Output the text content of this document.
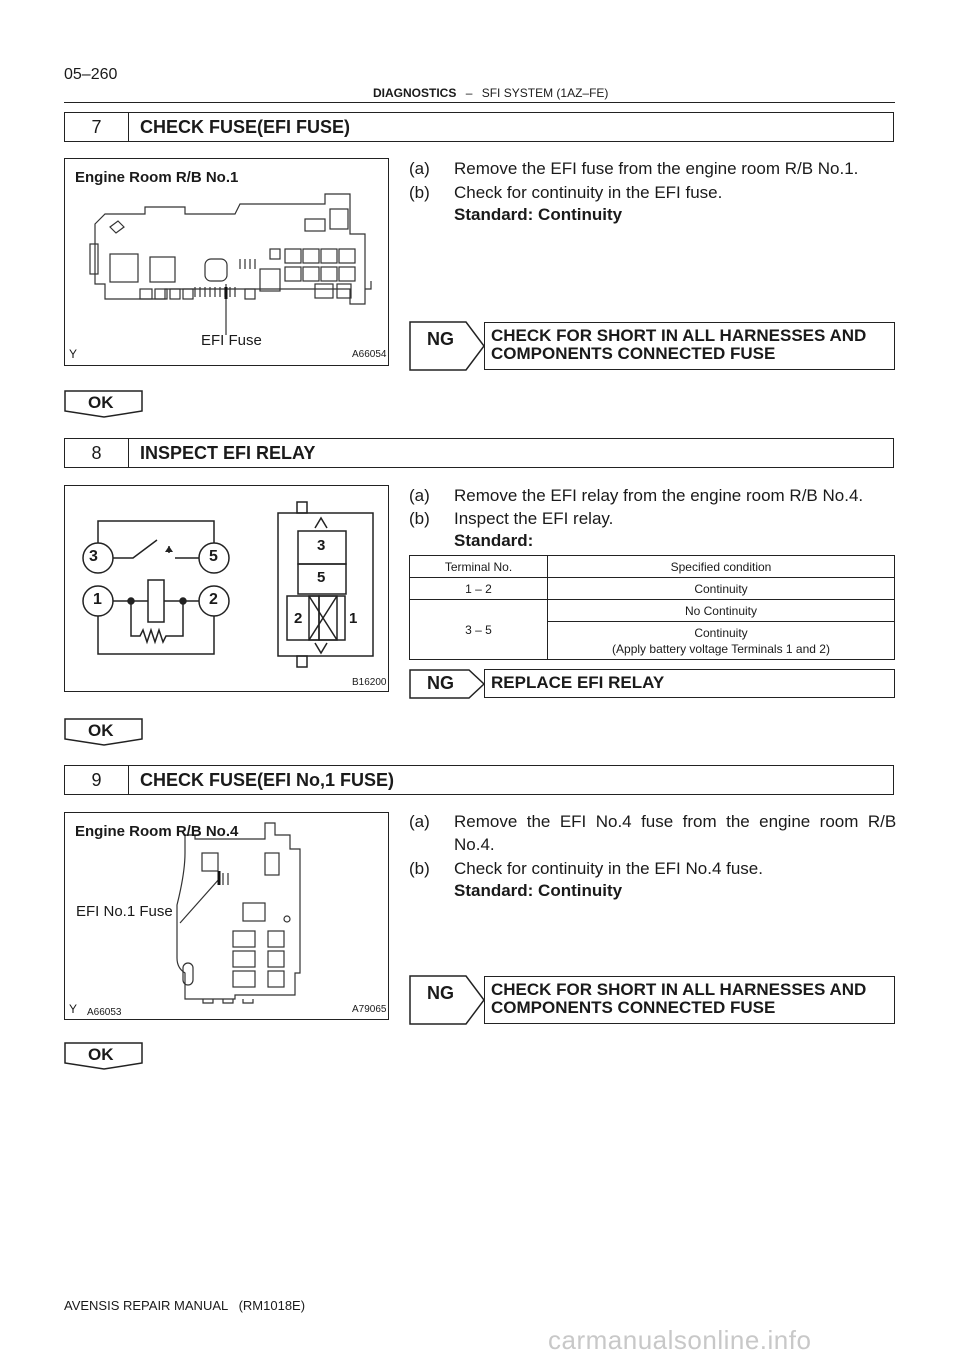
05–260
DIAGNOSTICS – SFI SYSTEM (1AZ–FE)
7	CHECK FUSE(EFI FUSE)
Engine Room R/B No.1
EFI Fuse
Y	A66054
(a) Remove the EFI fuse from the engine room R/B No.1.
(b) Check for continuity in the EFI fuse.
Standard: Continuity
NG CHECK FOR SHORT IN ALL HARNESSES AND
COMPONENTS CONNECTED FUSE
OK
8	INSPECT EFI RELAY
3	5
1	2
3
5
2	1
B16200
(a) Remove the EFI relay from the engine room R/B No.4.
(b) Inspect the EFI relay.
Standard:
Terminal No.	Specified condition
1 – 2	Continuity
3 – 5	No Continuity

	Continuity
(Apply battery voltage Terminals 1 and 2)
NG REPLACE EFI RELAY
OK
9	CHECK FUSE(EFI No,1 FUSE)
Engine Room R/B No.4
EFI No.1 Fuse
Y A66053	A79065
(a) Remove  the  EFI  No.4  fuse  from  the  engine  room  R/B
No.4.
(b) Check for continuity in the EFI No.4 fuse.
Standard: Continuity
NG CHECK FOR SHORT IN ALL HARNESSES AND
COMPONENTS CONNECTED FUSE
OK
AVENSIS REPAIR MANUAL   (RM1018E)
carmanualsonline.info
